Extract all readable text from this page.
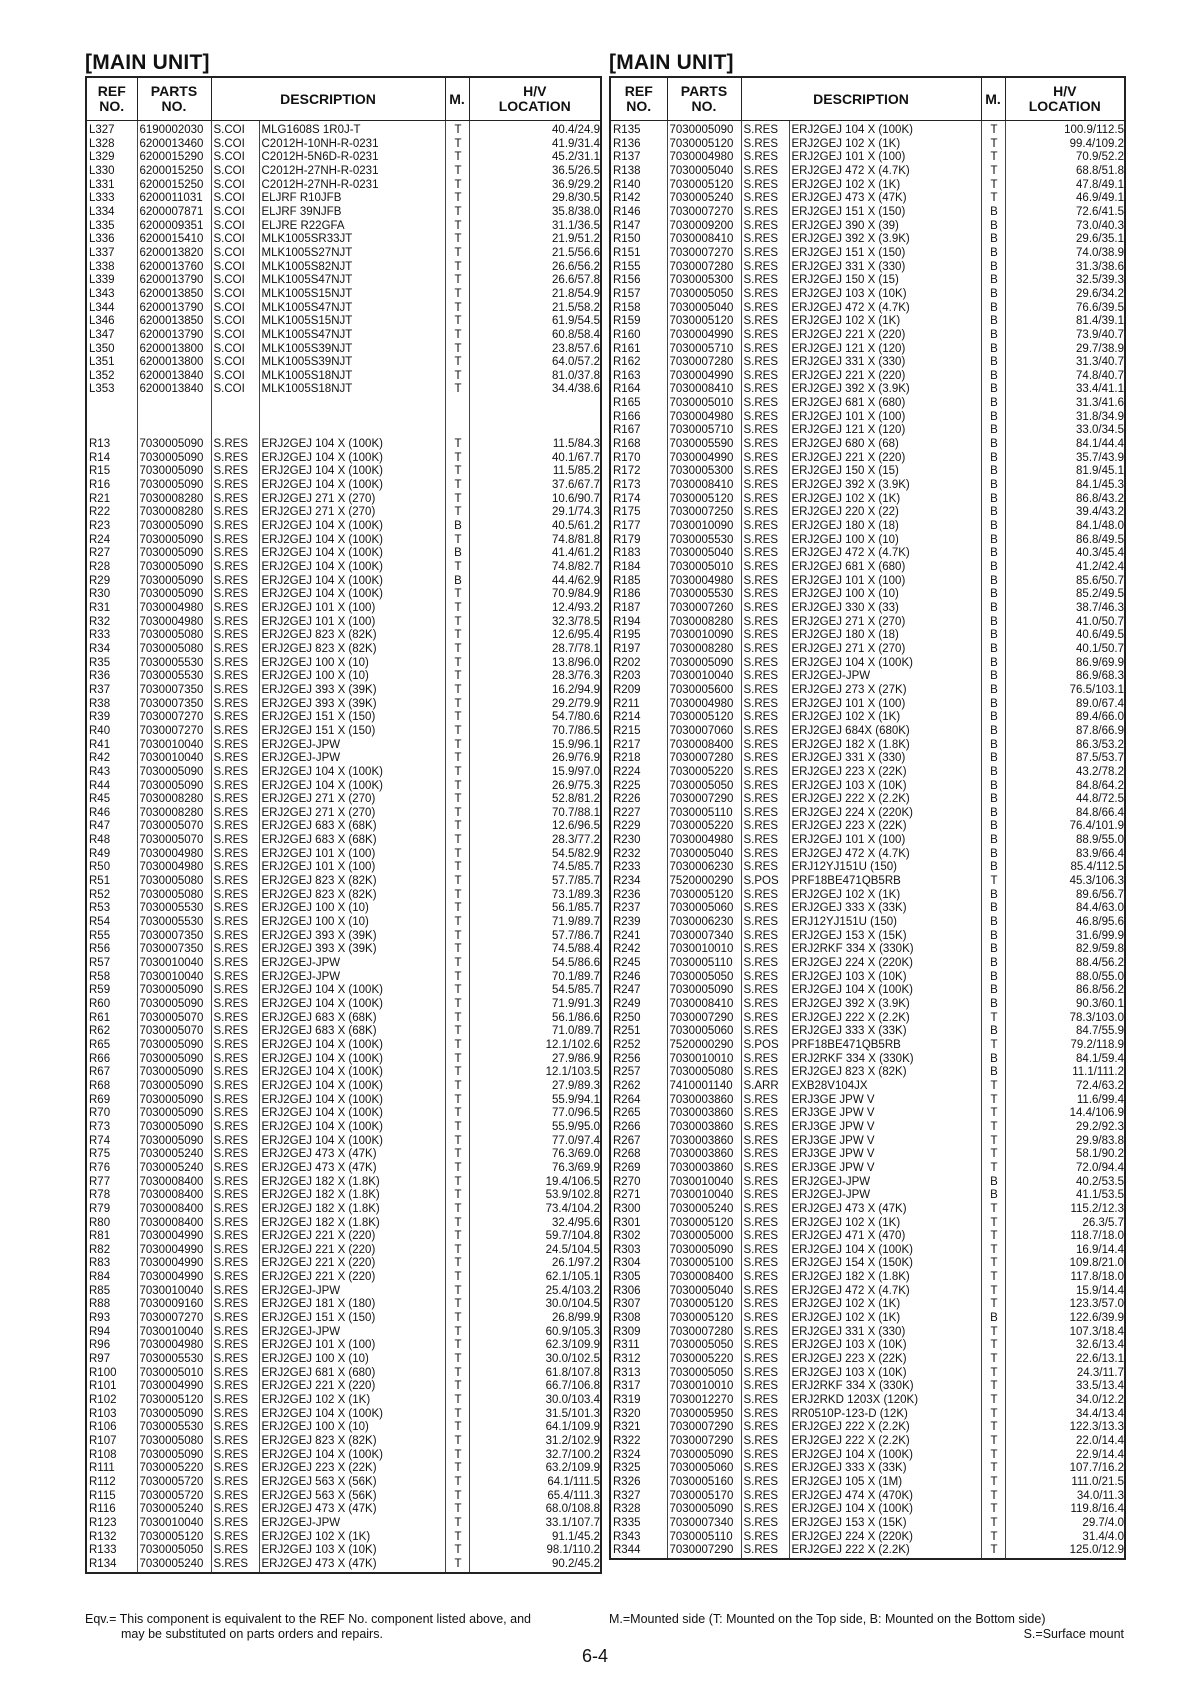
[MAIN UNIT]
REF
NO.	PARTS
NO.	DESCRIPTION		M.	H/V
LOCATION
L327	6190002030	S.COI	MLG1608S 1R0J-T	T	40.4/24.9
L328	6200013460	S.COI	C2012H-10NH-R-0231	T	41.9/31.4
L329	6200015290	S.COI	C2012H-5N6D-R-0231	T	45.2/31.1
L330	6200015250	S.COI	C2012H-27NH-R-0231	T	36.5/26.5
L331	6200015250	S.COI	C2012H-27NH-R-0231	T	36.9/29.2
L333	6200011031	S.COI	ELJRF R10JFB	T	29.8/30.5
L334	6200007871	S.COI	ELJRF 39NJFB	T	35.8/38.0
L335	6200009351	S.COI	ELJRE R22GFA	T	31.1/36.5
L336	6200015410	S.COI	MLK1005SR33JT	T	21.9/51.2
L337	6200013820	S.COI	MLK1005S27NJT	T	21.5/56.6
L338	6200013760	S.COI	MLK1005S82NJT	T	26.6/56.2
L339	6200013790	S.COI	MLK1005S47NJT	T	26.6/57.8
L343	6200013850	S.COI	MLK1005S15NJT	T	21.8/54.9
L344	6200013790	S.COI	MLK1005S47NJT	T	21.5/58.2
L346	6200013850	S.COI	MLK1005S15NJT	T	61.9/54.5
L347	6200013790	S.COI	MLK1005S47NJT	T	60.8/58.4
L350	6200013800	S.COI	MLK1005S39NJT	T	23.8/57.6
L351	6200013800	S.COI	MLK1005S39NJT	T	64.0/57.2
L352	6200013840	S.COI	MLK1005S18NJT	T	81.0/37.8
L353	6200013840	S.COI	MLK1005S18NJT	T	34.4/38.6

R13	7030005090	S.RES	ERJ2GEJ 104 X (100K)	T	11.5/84.3
R14	7030005090	S.RES	ERJ2GEJ 104 X (100K)	T	40.1/67.7
R15	7030005090	S.RES	ERJ2GEJ 104 X (100K)	T	11.5/85.2
R16	7030005090	S.RES	ERJ2GEJ 104 X (100K)	T	37.6/67.7
R21	7030008280	S.RES	ERJ2GEJ 271 X (270)	T	10.6/90.7
R22	7030008280	S.RES	ERJ2GEJ 271 X (270)	T	29.1/74.3
R23	7030005090	S.RES	ERJ2GEJ 104 X (100K)	B	40.5/61.2
R24	7030005090	S.RES	ERJ2GEJ 104 X (100K)	T	74.8/81.8
R27	7030005090	S.RES	ERJ2GEJ 104 X (100K)	B	41.4/61.2
R28	7030005090	S.RES	ERJ2GEJ 104 X (100K)	T	74.8/82.7
R29	7030005090	S.RES	ERJ2GEJ 104 X (100K)	B	44.4/62.9
R30	7030005090	S.RES	ERJ2GEJ 104 X (100K)	T	70.9/84.9
R31	7030004980	S.RES	ERJ2GEJ 101 X (100)	T	12.4/93.2
R32	7030004980	S.RES	ERJ2GEJ 101 X (100)	T	32.3/78.5
R33	7030005080	S.RES	ERJ2GEJ 823 X (82K)	T	12.6/95.4
R34	7030005080	S.RES	ERJ2GEJ 823 X (82K)	T	28.7/78.1
R35	7030005530	S.RES	ERJ2GEJ 100 X (10)	T	13.8/96.0
R36	7030005530	S.RES	ERJ2GEJ 100 X (10)	T	28.3/76.3
R37	7030007350	S.RES	ERJ2GEJ 393 X (39K)	T	16.2/94.9
R38	7030007350	S.RES	ERJ2GEJ 393 X (39K)	T	29.2/79.9
R39	7030007270	S.RES	ERJ2GEJ 151 X (150)	T	54.7/80.6
R40	7030007270	S.RES	ERJ2GEJ 151 X (150)	T	70.7/86.5
R41	7030010040	S.RES	ERJ2GEJ-JPW	T	15.9/96.1
R42	7030010040	S.RES	ERJ2GEJ-JPW	T	26.9/76.9
R43	7030005090	S.RES	ERJ2GEJ 104 X (100K)	T	15.9/97.0
R44	7030005090	S.RES	ERJ2GEJ 104 X (100K)	T	26.9/75.3
R45	7030008280	S.RES	ERJ2GEJ 271 X (270)	T	52.8/81.2
R46	7030008280	S.RES	ERJ2GEJ 271 X (270)	T	70.7/88.1
R47	7030005070	S.RES	ERJ2GEJ 683 X (68K)	T	12.6/96.5
R48	7030005070	S.RES	ERJ2GEJ 683 X (68K)	T	28.3/77.2
R49	7030004980	S.RES	ERJ2GEJ 101 X (100)	T	54.5/82.9
R50	7030004980	S.RES	ERJ2GEJ 101 X (100)	T	74.5/85.7
R51	7030005080	S.RES	ERJ2GEJ 823 X (82K)	T	57.7/85.7
R52	7030005080	S.RES	ERJ2GEJ 823 X (82K)	T	73.1/89.3
R53	7030005530	S.RES	ERJ2GEJ 100 X (10)	T	56.1/85.7
R54	7030005530	S.RES	ERJ2GEJ 100 X (10)	T	71.9/89.7
R55	7030007350	S.RES	ERJ2GEJ 393 X (39K)	T	57.7/86.7
R56	7030007350	S.RES	ERJ2GEJ 393 X (39K)	T	74.5/88.4
R57	7030010040	S.RES	ERJ2GEJ-JPW	T	54.5/86.6
R58	7030010040	S.RES	ERJ2GEJ-JPW	T	70.1/89.7
R59	7030005090	S.RES	ERJ2GEJ 104 X (100K)	T	54.5/85.7
R60	7030005090	S.RES	ERJ2GEJ 104 X (100K)	T	71.9/91.3
R61	7030005070	S.RES	ERJ2GEJ 683 X (68K)	T	56.1/86.6
R62	7030005070	S.RES	ERJ2GEJ 683 X (68K)	T	71.0/89.7
R65	7030005090	S.RES	ERJ2GEJ 104 X (100K)	T	12.1/102.6
R66	7030005090	S.RES	ERJ2GEJ 104 X (100K)	T	27.9/86.9
R67	7030005090	S.RES	ERJ2GEJ 104 X (100K)	T	12.1/103.5
R68	7030005090	S.RES	ERJ2GEJ 104 X (100K)	T	27.9/89.3
R69	7030005090	S.RES	ERJ2GEJ 104 X (100K)	T	55.9/94.1
R70	7030005090	S.RES	ERJ2GEJ 104 X (100K)	T	77.0/96.5
R73	7030005090	S.RES	ERJ2GEJ 104 X (100K)	T	55.9/95.0
R74	7030005090	S.RES	ERJ2GEJ 104 X (100K)	T	77.0/97.4
R75	7030005240	S.RES	ERJ2GEJ 473 X (47K)	T	76.3/69.0
R76	7030005240	S.RES	ERJ2GEJ 473 X (47K)	T	76.3/69.9
R77	7030008400	S.RES	ERJ2GEJ 182 X (1.8K)	T	19.4/106.5
R78	7030008400	S.RES	ERJ2GEJ 182 X (1.8K)	T	53.9/102.8
R79	7030008400	S.RES	ERJ2GEJ 182 X (1.8K)	T	73.4/104.2
R80	7030008400	S.RES	ERJ2GEJ 182 X (1.8K)	T	32.4/95.6
R81	7030004990	S.RES	ERJ2GEJ 221 X (220)	T	59.7/104.8
R82	7030004990	S.RES	ERJ2GEJ 221 X (220)	T	24.5/104.5
R83	7030004990	S.RES	ERJ2GEJ 221 X (220)	T	26.1/97.2
R84	7030004990	S.RES	ERJ2GEJ 221 X (220)	T	62.1/105.1
R85	7030010040	S.RES	ERJ2GEJ-JPW	T	25.4/103.2
R88	7030009160	S.RES	ERJ2GEJ 181 X (180)	T	30.0/104.5
R93	7030007270	S.RES	ERJ2GEJ 151 X (150)	T	26.8/99.9
R94	7030010040	S.RES	ERJ2GEJ-JPW	T	60.9/105.3
R96	7030004980	S.RES	ERJ2GEJ 101 X (100)	T	62.3/109.9
R97	7030005530	S.RES	ERJ2GEJ 100 X (10)	T	30.0/102.5
R100	7030005010	S.RES	ERJ2GEJ 681 X (680)	T	61.8/107.8
R101	7030004990	S.RES	ERJ2GEJ 221 X (220)	T	66.7/106.8
R102	7030005120	S.RES	ERJ2GEJ 102 X (1K)	T	30.0/103.4
R103	7030005090	S.RES	ERJ2GEJ 104 X (100K)	T	31.5/101.3
R106	7030005530	S.RES	ERJ2GEJ 100 X (10)	T	64.1/109.9
R107	7030005080	S.RES	ERJ2GEJ 823 X (82K)	T	31.2/102.9
R108	7030005090	S.RES	ERJ2GEJ 104 X (100K)	T	32.7/100.2
R111	7030005220	S.RES	ERJ2GEJ 223 X (22K)	T	63.2/109.9
R112	7030005720	S.RES	ERJ2GEJ 563 X (56K)	T	64.1/111.5
R115	7030005720	S.RES	ERJ2GEJ 563 X (56K)	T	65.4/111.3
R116	7030005240	S.RES	ERJ2GEJ 473 X (47K)	T	68.0/108.8
R123	7030010040	S.RES	ERJ2GEJ-JPW	T	33.1/107.7
R132	7030005120	S.RES	ERJ2GEJ 102 X (1K)	T	91.1/45.2
R133	7030005050	S.RES	ERJ2GEJ 103 X (10K)	T	98.1/110.2
R134	7030005240	S.RES	ERJ2GEJ 473 X (47K)	T	90.2/45.2
[MAIN UNIT]
REF
NO.	PARTS
NO.	DESCRIPTION		M.	H/V
LOCATION
R135	7030005090	S.RES	ERJ2GEJ 104 X (100K)	T	100.9/112.5
R136	7030005120	S.RES	ERJ2GEJ 102 X (1K)	T	99.4/109.2
R137	7030004980	S.RES	ERJ2GEJ 101 X (100)	T	70.9/52.2
R138	7030005040	S.RES	ERJ2GEJ 472 X (4.7K)	T	68.8/51.8
R140	7030005120	S.RES	ERJ2GEJ 102 X (1K)	T	47.8/49.1
R142	7030005240	S.RES	ERJ2GEJ 473 X (47K)	T	46.9/49.1
R146	7030007270	S.RES	ERJ2GEJ 151 X (150)	B	72.6/41.5
R147	7030009200	S.RES	ERJ2GEJ 390 X (39)	B	73.0/40.3
R150	7030008410	S.RES	ERJ2GEJ 392 X (3.9K)	B	29.6/35.1
R151	7030007270	S.RES	ERJ2GEJ 151 X (150)	B	74.0/38.9
R155	7030007280	S.RES	ERJ2GEJ 331 X (330)	B	31.3/38.6
R156	7030005300	S.RES	ERJ2GEJ 150 X (15)	B	32.5/39.3
R157	7030005050	S.RES	ERJ2GEJ 103 X (10K)	B	29.6/34.2
R158	7030005040	S.RES	ERJ2GEJ 472 X (4.7K)	B	76.6/39.5
R159	7030005120	S.RES	ERJ2GEJ 102 X (1K)	B	81.4/39.1
R160	7030004990	S.RES	ERJ2GEJ 221 X (220)	B	73.9/40.7
R161	7030005710	S.RES	ERJ2GEJ 121 X (120)	B	29.7/38.9
R162	7030007280	S.RES	ERJ2GEJ 331 X (330)	B	31.3/40.7
R163	7030004990	S.RES	ERJ2GEJ 221 X (220)	B	74.8/40.7
R164	7030008410	S.RES	ERJ2GEJ 392 X (3.9K)	B	33.4/41.1
R165	7030005010	S.RES	ERJ2GEJ 681 X (680)	B	31.3/41.6
R166	7030004980	S.RES	ERJ2GEJ 101 X (100)	B	31.8/34.9
R167	7030005710	S.RES	ERJ2GEJ 121 X (120)	B	33.0/34.5
R168	7030005590	S.RES	ERJ2GEJ 680 X (68)	B	84.1/44.4
R170	7030004990	S.RES	ERJ2GEJ 221 X (220)	B	35.7/43.9
R172	7030005300	S.RES	ERJ2GEJ 150 X (15)	B	81.9/45.1
R173	7030008410	S.RES	ERJ2GEJ 392 X (3.9K)	B	84.1/45.3
R174	7030005120	S.RES	ERJ2GEJ 102 X (1K)	B	86.8/43.2
R175	7030007250	S.RES	ERJ2GEJ 220 X (22)	B	39.4/43.2
R177	7030010090	S.RES	ERJ2GEJ 180 X (18)	B	84.1/48.0
R179	7030005530	S.RES	ERJ2GEJ 100 X (10)	B	86.8/49.5
R183	7030005040	S.RES	ERJ2GEJ 472 X (4.7K)	B	40.3/45.4
R184	7030005010	S.RES	ERJ2GEJ 681 X (680)	B	41.2/42.4
R185	7030004980	S.RES	ERJ2GEJ 101 X (100)	B	85.6/50.7
R186	7030005530	S.RES	ERJ2GEJ 100 X (10)	B	85.2/49.5
R187	7030007260	S.RES	ERJ2GEJ 330 X (33)	B	38.7/46.3
R194	7030008280	S.RES	ERJ2GEJ 271 X (270)	B	41.0/50.7
R195	7030010090	S.RES	ERJ2GEJ 180 X (18)	B	40.6/49.5
R197	7030008280	S.RES	ERJ2GEJ 271 X (270)	B	40.1/50.7
R202	7030005090	S.RES	ERJ2GEJ 104 X (100K)	B	86.9/69.9
R203	7030010040	S.RES	ERJ2GEJ-JPW	B	86.9/68.3
R209	7030005600	S.RES	ERJ2GEJ 273 X (27K)	B	76.5/103.1
R211	7030004980	S.RES	ERJ2GEJ 101 X (100)	B	89.0/67.4
R214	7030005120	S.RES	ERJ2GEJ 102 X (1K)	B	89.4/66.0
R215	7030007060	S.RES	ERJ2GEJ 684X (680K)	B	87.8/66.9
R217	7030008400	S.RES	ERJ2GEJ 182 X (1.8K)	B	86.3/53.2
R218	7030007280	S.RES	ERJ2GEJ 331 X (330)	B	87.5/53.7
R224	7030005220	S.RES	ERJ2GEJ 223 X (22K)	B	43.2/78.2
R225	7030005050	S.RES	ERJ2GEJ 103 X (10K)	B	84.8/64.2
R226	7030007290	S.RES	ERJ2GEJ 222 X (2.2K)	B	44.8/72.5
R227	7030005110	S.RES	ERJ2GEJ 224 X (220K)	B	84.8/66.4
R229	7030005220	S.RES	ERJ2GEJ 223 X (22K)	B	76.4/101.9
R230	7030004980	S.RES	ERJ2GEJ 101 X (100)	B	88.9/55.0
R232	7030005040	S.RES	ERJ2GEJ 472 X (4.7K)	B	83.9/66.4
R233	7030006230	S.RES	ERJ12YJ151U (150)	B	85.4/112.5
R234	7520000290	S.POS	PRF18BE471QB5RB	T	45.3/106.3
R236	7030005120	S.RES	ERJ2GEJ 102 X (1K)	B	89.6/56.7
R237	7030005060	S.RES	ERJ2GEJ 333 X (33K)	B	84.4/63.0
R239	7030006230	S.RES	ERJ12YJ151U (150)	B	46.8/95.6
R241	7030007340	S.RES	ERJ2GEJ 153 X (15K)	B	31.6/99.9
R242	7030010010	S.RES	ERJ2RKF 334 X (330K)	B	82.9/59.8
R245	7030005110	S.RES	ERJ2GEJ 224 X (220K)	B	88.4/56.2
R246	7030005050	S.RES	ERJ2GEJ 103 X (10K)	B	88.0/55.0
R247	7030005090	S.RES	ERJ2GEJ 104 X (100K)	B	86.8/56.2
R249	7030008410	S.RES	ERJ2GEJ 392 X (3.9K)	B	90.3/60.1
R250	7030007290	S.RES	ERJ2GEJ 222 X (2.2K)	T	78.3/103.0
R251	7030005060	S.RES	ERJ2GEJ 333 X (33K)	B	84.7/55.9
R252	7520000290	S.POS	PRF18BE471QB5RB	T	79.2/118.9
R256	7030010010	S.RES	ERJ2RKF 334 X (330K)	B	84.1/59.4
R257	7030005080	S.RES	ERJ2GEJ 823 X (82K)	B	11.1/111.2
R262	7410001140	S.ARR	EXB28V104JX	T	72.4/63.2
R264	7030003860	S.RES	ERJ3GE JPW V	T	11.6/99.4
R265	7030003860	S.RES	ERJ3GE JPW V	T	14.4/106.9
R266	7030003860	S.RES	ERJ3GE JPW V	T	29.2/92.3
R267	7030003860	S.RES	ERJ3GE JPW V	T	29.9/83.8
R268	7030003860	S.RES	ERJ3GE JPW V	T	58.1/90.2
R269	7030003860	S.RES	ERJ3GE JPW V	T	72.0/94.4
R270	7030010040	S.RES	ERJ2GEJ-JPW	B	40.2/53.5
R271	7030010040	S.RES	ERJ2GEJ-JPW	B	41.1/53.5
R300	7030005240	S.RES	ERJ2GEJ 473 X (47K)	T	115.2/12.3
R301	7030005120	S.RES	ERJ2GEJ 102 X (1K)	T	26.3/5.7
R302	7030005000	S.RES	ERJ2GEJ 471 X (470)	T	118.7/18.0
R303	7030005090	S.RES	ERJ2GEJ 104 X (100K)	T	16.9/14.4
R304	7030005100	S.RES	ERJ2GEJ 154 X (150K)	T	109.8/21.0
R305	7030008400	S.RES	ERJ2GEJ 182 X (1.8K)	T	117.8/18.0
R306	7030005040	S.RES	ERJ2GEJ 472 X (4.7K)	T	15.9/14.4
R307	7030005120	S.RES	ERJ2GEJ 102 X (1K)	T	123.3/57.0
R308	7030005120	S.RES	ERJ2GEJ 102 X (1K)	B	122.6/39.9
R309	7030007280	S.RES	ERJ2GEJ 331 X (330)	T	107.3/18.4
R311	7030005050	S.RES	ERJ2GEJ 103 X (10K)	T	32.6/13.4
R312	7030005220	S.RES	ERJ2GEJ 223 X (22K)	T	22.6/13.1
R313	7030005050	S.RES	ERJ2GEJ 103 X (10K)	T	24.3/11.7
R317	7030010010	S.RES	ERJ2RKF 334 X (330K)	T	33.5/13.4
R319	7030012270	S.RES	ERJ2RKD 1203X (120K)	T	34.0/12.2
R320	7030005950	S.RES	RR0510P-123-D (12K)	T	34.4/13.4
R321	7030007290	S.RES	ERJ2GEJ 222 X (2.2K)	T	122.3/13.3
R322	7030007290	S.RES	ERJ2GEJ 222 X (2.2K)	T	22.0/14.4
R324	7030005090	S.RES	ERJ2GEJ 104 X (100K)	T	22.9/14.4
R325	7030005060	S.RES	ERJ2GEJ 333 X (33K)	T	107.7/16.2
R326	7030005160	S.RES	ERJ2GEJ 105 X (1M)	T	111.0/21.5
R327	7030005170	S.RES	ERJ2GEJ 474 X (470K)	T	34.0/11.3
R328	7030005090	S.RES	ERJ2GEJ 104 X (100K)	T	119.8/16.4
R335	7030007340	S.RES	ERJ2GEJ 153 X (15K)	T	29.7/4.0
R343	7030005110	S.RES	ERJ2GEJ 224 X (220K)	T	31.4/4.0
R344	7030007290	S.RES	ERJ2GEJ 222 X (2.2K)	T	125.0/12.9
Eqv.= This component is equivalent to the REF No. component listed above, and
may be substituted on parts orders and repairs.
M.=Mounted side (T: Mounted on the Top side, B: Mounted on the Bottom side)
S.=Surface mount
6-4
